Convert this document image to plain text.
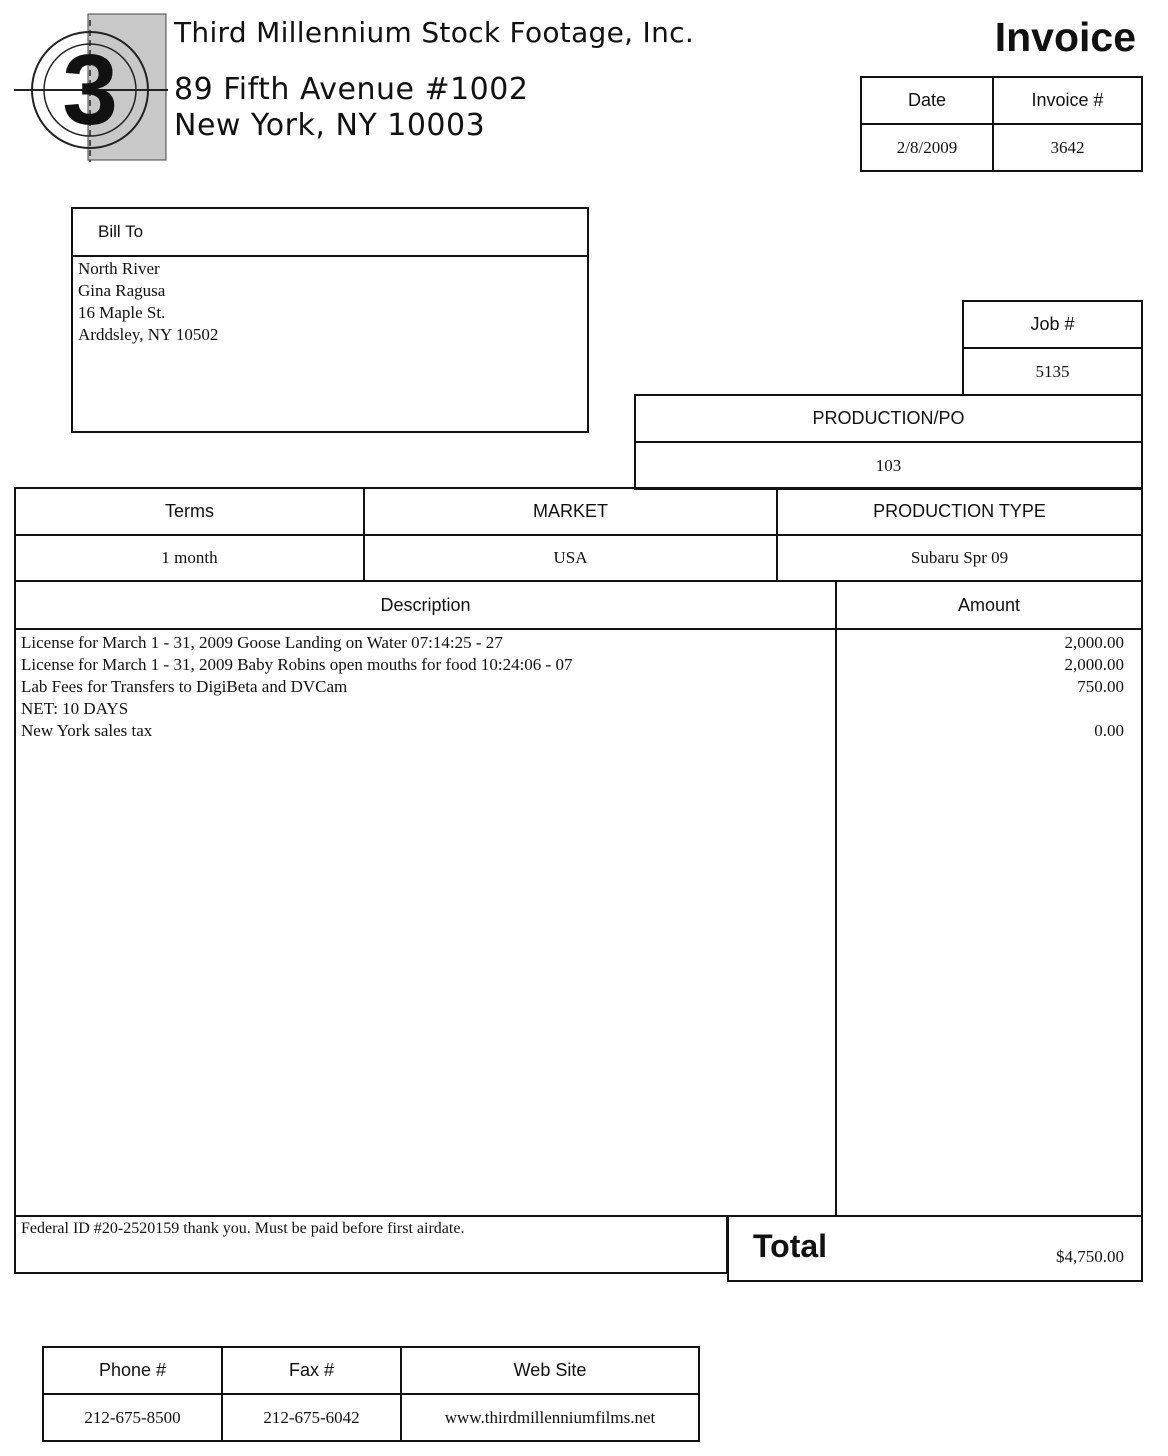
3
Third Millennium Stock Footage, Inc.
89 Fifth Avenue #1002
New York, NY 10003
Invoice
Date	Invoice #
2/8/2009	3642
Bill To
North River
Gina Ragusa
16 Maple St.
Arddsley, NY 10502
Job #
5135
PRODUCTION/PO
103
Terms	MARKET	PRODUCTION TYPE
1 month	USA	Subaru Spr 09
Description	Amount
License for March 1 - 31, 2009 Goose Landing on Water 07:14:25 - 27	2,000.00
License for March 1 - 31, 2009 Baby Robins open mouths for food 10:24:06 - 07	2,000.00
Lab Fees for Transfers to DigiBeta and DVCam	750.00
NET: 10 DAYS
New York sales tax	0.00
Federal ID #20-2520159 thank you. Must be paid before first airdate.	Total	$4,750.00
Phone #	Fax #	Web Site
212-675-8500	212-675-6042	www.thirdmillenniumfilms.net
